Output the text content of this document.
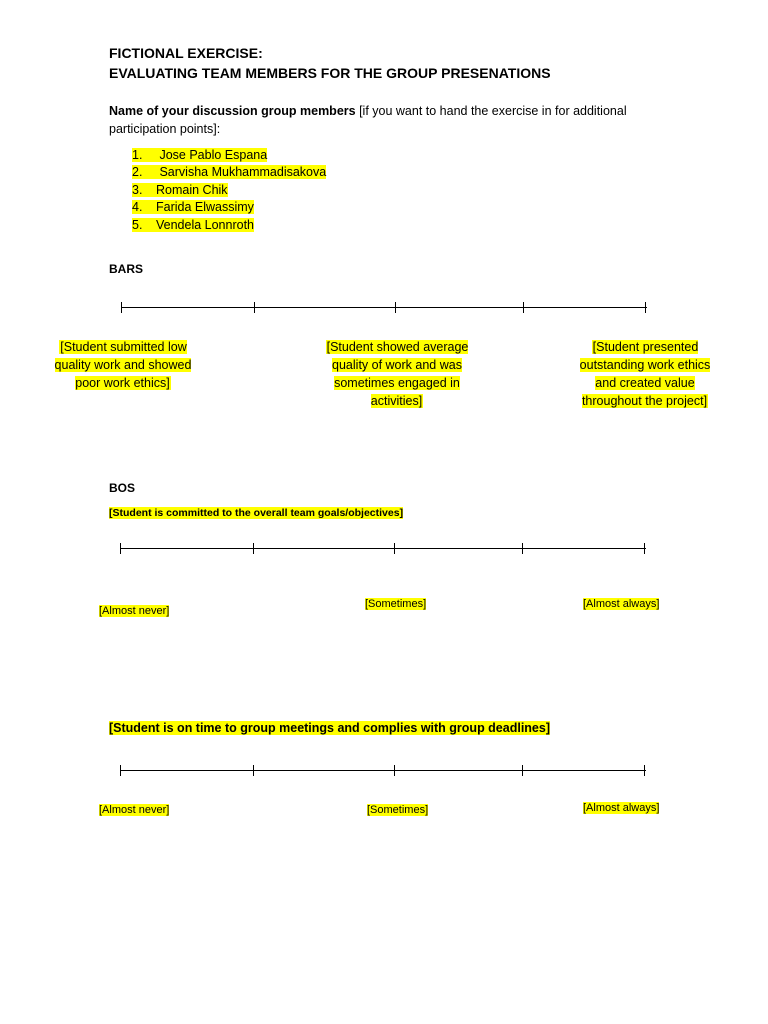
FICTIONAL EXERCISE:
EVALUATING TEAM MEMBERS FOR THE GROUP PRESENATIONS
Name of your discussion group members [if you want to hand the exercise in for additional participation points]:
1. Jose Pablo Espana
2. Sarvisha Mukhammadisakova
3. Romain Chik
4. Farida Elwassimy
5. Vendela Lonnroth
BARS
[Student submitted low quality work and showed poor work ethics]
[Student showed average quality of work and was sometimes engaged in activities]
[Student presented outstanding work ethics and created value throughout the project]
BOS
[Student is committed to the overall team goals/objectives]
[Almost never]
[Sometimes]	[Almost always]
[Student is on time to group meetings and complies with group deadlines]
[Almost never]	[Sometimes]	[Almost always]
